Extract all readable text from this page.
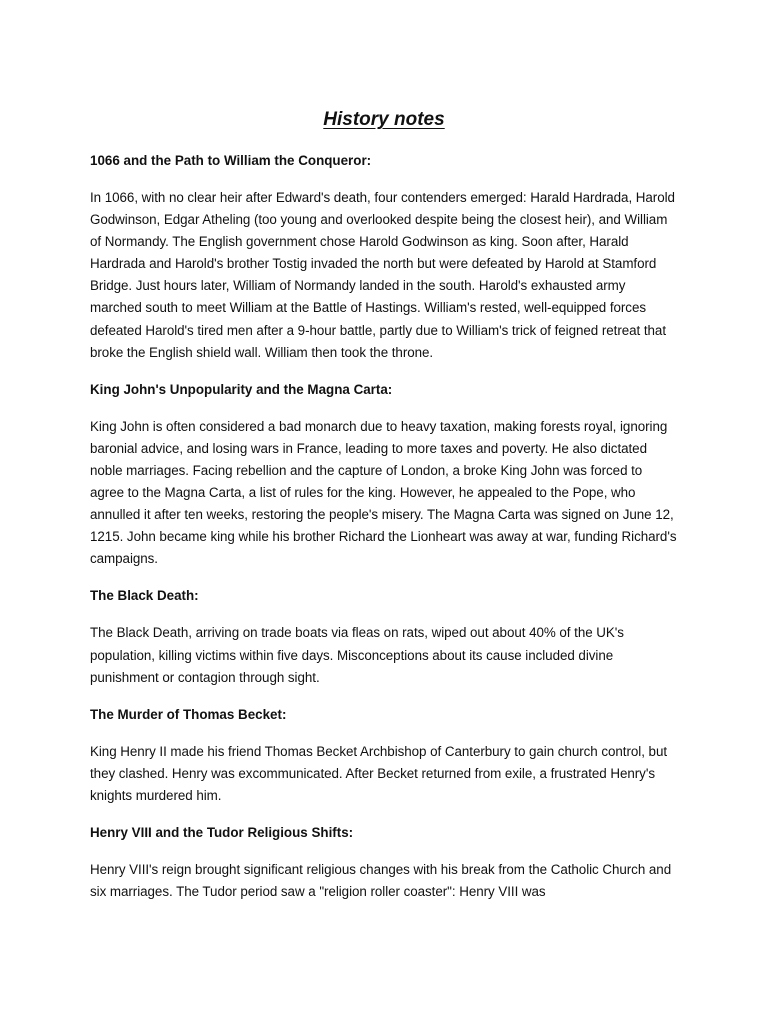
History notes
1066 and the Path to William the Conqueror:
In 1066, with no clear heir after Edward's death, four contenders emerged: Harald Hardrada, Harold Godwinson, Edgar Atheling (too young and overlooked despite being the closest heir), and William of Normandy. The English government chose Harold Godwinson as king. Soon after, Harald Hardrada and Harold's brother Tostig invaded the north but were defeated by Harold at Stamford Bridge. Just hours later, William of Normandy landed in the south. Harold's exhausted army marched south to meet William at the Battle of Hastings. William's rested, well-equipped forces defeated Harold's tired men after a 9-hour battle, partly due to William's trick of feigned retreat that broke the English shield wall. William then took the throne.
King John's Unpopularity and the Magna Carta:
King John is often considered a bad monarch due to heavy taxation, making forests royal, ignoring baronial advice, and losing wars in France, leading to more taxes and poverty. He also dictated noble marriages. Facing rebellion and the capture of London, a broke King John was forced to agree to the Magna Carta, a list of rules for the king. However, he appealed to the Pope, who annulled it after ten weeks, restoring the people's misery. The Magna Carta was signed on June 12, 1215. John became king while his brother Richard the Lionheart was away at war, funding Richard's campaigns.
The Black Death:
The Black Death, arriving on trade boats via fleas on rats, wiped out about 40% of the UK's population, killing victims within five days. Misconceptions about its cause included divine punishment or contagion through sight.
The Murder of Thomas Becket:
King Henry II made his friend Thomas Becket Archbishop of Canterbury to gain church control, but they clashed. Henry was excommunicated. After Becket returned from exile, a frustrated Henry's knights murdered him.
Henry VIII and the Tudor Religious Shifts:
Henry VIII's reign brought significant religious changes with his break from the Catholic Church and six marriages. The Tudor period saw a "religion roller coaster": Henry VIII was
